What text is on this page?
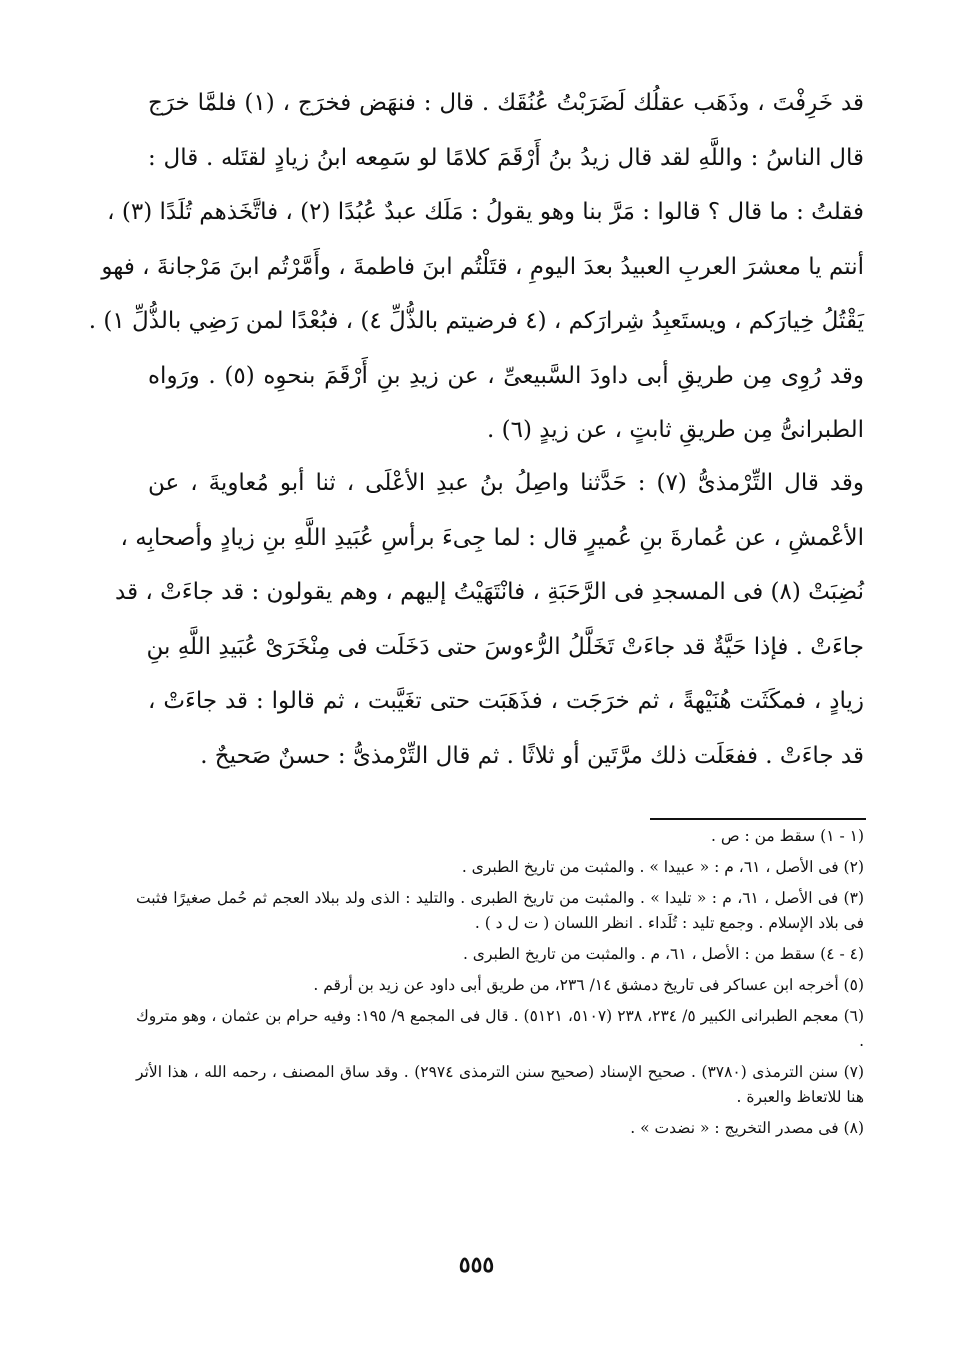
قد خَرِفْتَ ، وذَهَب عقلُك لَضَرَبْتُ عُنُقَك . قال : فنهَض فخرَج ، (١) فلمَّا خرَج
قال الناسُ : واللَّهِ لقد قال زيدُ بنُ أَرْقَمَ كلامًا لو سَمِعه ابنُ زيادٍ لقتَله . قال :
فقلتُ : ما قال ؟ قالوا : مَرَّ بنا وهو يقولُ : مَلَك عبدٌ عُبُدًا (٢) ، فاتَّخَذهم تُلَدًا (٣) ،
أنتم يا معشرَ العربِ العبيدُ بعدَ اليومِ ، قتَلْتُم ابنَ فاطمةَ ، وأَمَّرْتُم ابنَ مَرْجانةَ ، فهو
يَقْتُلُ خِيارَكم ، ويستَعبِدُ شِرارَكم ، (٤ فرضيتم بالذُّلِّ ٤) ، فبُعْدًا لمن رَضِي بالذُّلِّ ١) .
وقد رُوِى مِن طريقِ أبى داودَ السَّبيعىِّ ، عن زيدِ بنِ أَرْقَمَ بنحوِه (٥) . ورَواه
الطبرانىُّ مِن طريقِ ثابتٍ ، عن زيدٍ (٦) .
وقد قال التِّرْمذىُّ (٧) : حَدَّثنا واصِلُ بنُ عبدِ الأعْلَى ، ثنا أبو مُعاويةَ ، عن
الأعْمشِ ، عن عُمارةَ بنِ عُميرٍ قال : لما جِىءَ برأسِ عُبَيدِ اللَّهِ بنِ زيادٍ وأصحابِه ،
نُضِبَتْ (٨) فى المسجدِ فى الرَّحَبَةِ ، فانْتَهَيْتُ إليهم ، وهم يقولون : قد جاءَتْ ، قد
جاءَتْ . فإذا حَيَّةٌ قد جاءَتْ تَخَلَّلُ الرُّءوسَ حتى دَخَلَت فى مِنْخَرَىْ عُبَيدِ اللَّهِ بنِ
زيادٍ ، فمكَثَت هُنَيْهةً ، ثم خرَجَت ، فذَهَبَت حتى تغَيَّبت ، ثم قالوا : قد جاءَتْ ،
قد جاءَتْ . ففعَلَت ذلك مرَّتَين أو ثلاثًا . ثم قال التِّرْمذىُّ : حسنٌ صَحيحٌ .
(١ - ١) سقط من : ص .
(٢) فى الأصل ، ٦١، م : « عبيدا » . والمثبت من تاريخ الطبرى .
(٣) فى الأصل ، ٦١، م : « تليدا » . والمثبت من تاريخ الطبرى . والتليد : الذى ولد ببلاد العجم ثم حُمل صغيرًا فثبت فى بلاد الإسلام . وجمع تليد : تُلَداء . انظر اللسان ( ت ل د ) .
(٤ - ٤) سقط من : الأصل ، ٦١، م . والمثبت من تاريخ الطبرى .
(٥) أخرجه ابن عساكر فى تاريخ دمشق ١٤/ ٢٣٦، من طريق أبى داود عن زيد بن أرقم .
(٦) معجم الطبرانى الكبير ٥/ ٢٣٤، ٢٣٨ (٥١٠٧، ٥١٢١) . قال فى المجمع ٩/ ١٩٥: وفيه حرام بن عثمان ، وهو متروك .
(٧) سنن الترمذى (٣٧٨٠) . صحيح الإسناد (صحيح سنن الترمذى ٢٩٧٤) . وقد ساق المصنف ، رحمه الله ، هذا الأثر هنا للاتعاظ والعبرة .
(٨) فى مصدر التخريج : « نضدت » .
٥٥٥
